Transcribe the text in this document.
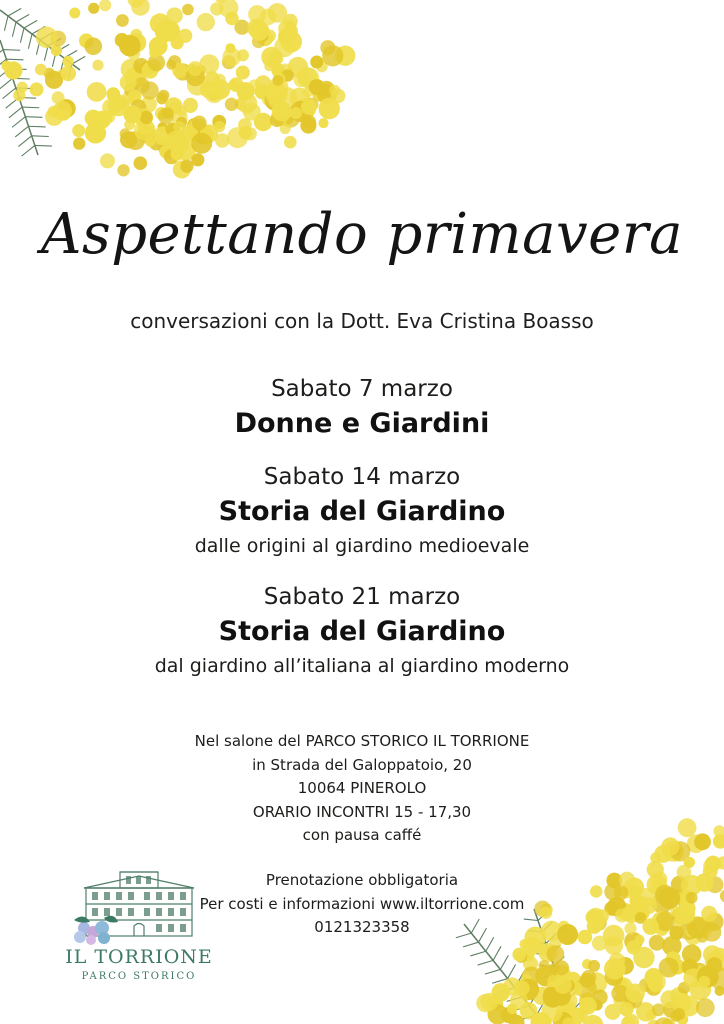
Aspettando primavera
conversazioni con la Dott. Eva Cristina Boasso
Sabato 7 marzo
Donne e Giardini
Sabato 14 marzo
Storia del Giardino
dalle origini al giardino medioevale
Sabato 21 marzo
Storia del Giardino
dal giardino all’italiana al giardino moderno
Nel salone del PARCO STORICO IL TORRIONE
in Strada del Galoppatoio, 20
10064 PINEROLO
ORARIO INCONTRI 15 - 17,30
con pausa caffé
Prenotazione obbligatoria
Per costi e informazioni www.iltorrione.com
0121323358
IL TORRIONE
PARCO STORICO
